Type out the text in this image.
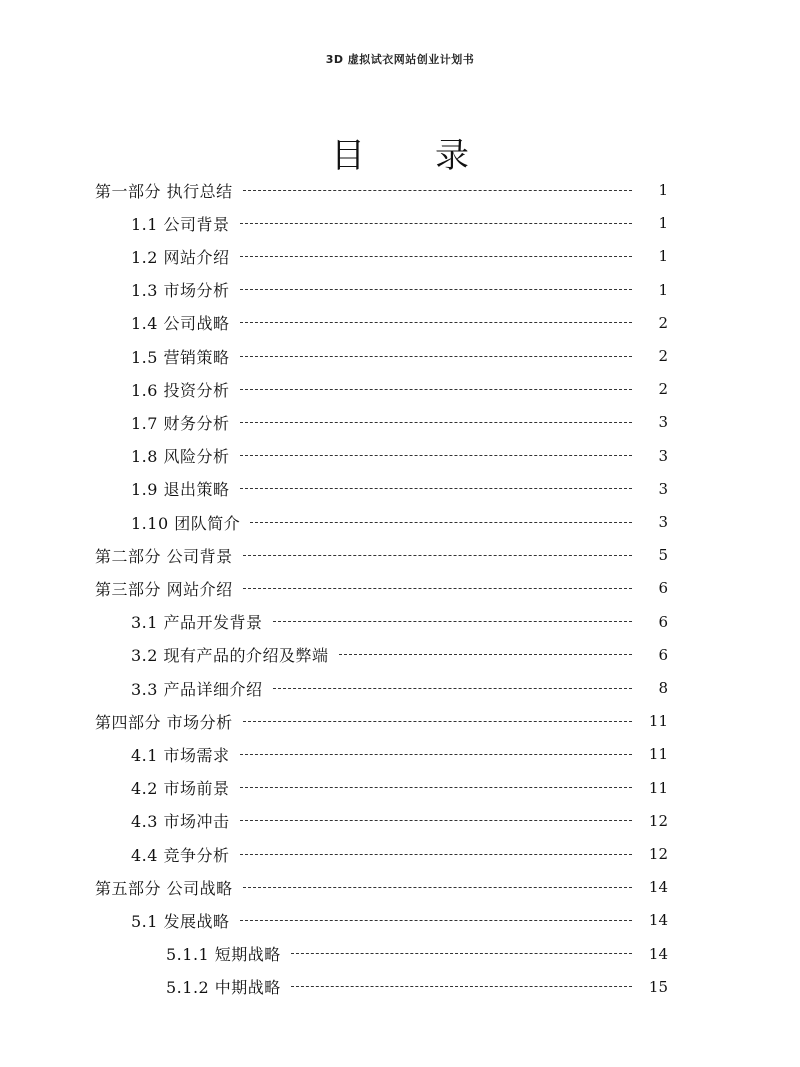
3D 虚拟试衣网站创业计划书
目 录
第一部分 执行总结	1
1.1 公司背景	1
1.2 网站介绍	1
1.3 市场分析	1
1.4 公司战略	2
1.5 营销策略	2
1.6 投资分析	2
1.7 财务分析	3
1.8 风险分析	3
1.9 退出策略	3
1.10 团队简介	3
第二部分 公司背景	5
第三部分 网站介绍	6
3.1 产品开发背景	6
3.2 现有产品的介绍及弊端	6
3.3 产品详细介绍	8
第四部分 市场分析	11
4.1 市场需求	11
4.2 市场前景	11
4.3 市场冲击	12
4.4 竞争分析	12
第五部分 公司战略	14
5.1 发展战略	14
5.1.1 短期战略	14
5.1.2 中期战略	15
